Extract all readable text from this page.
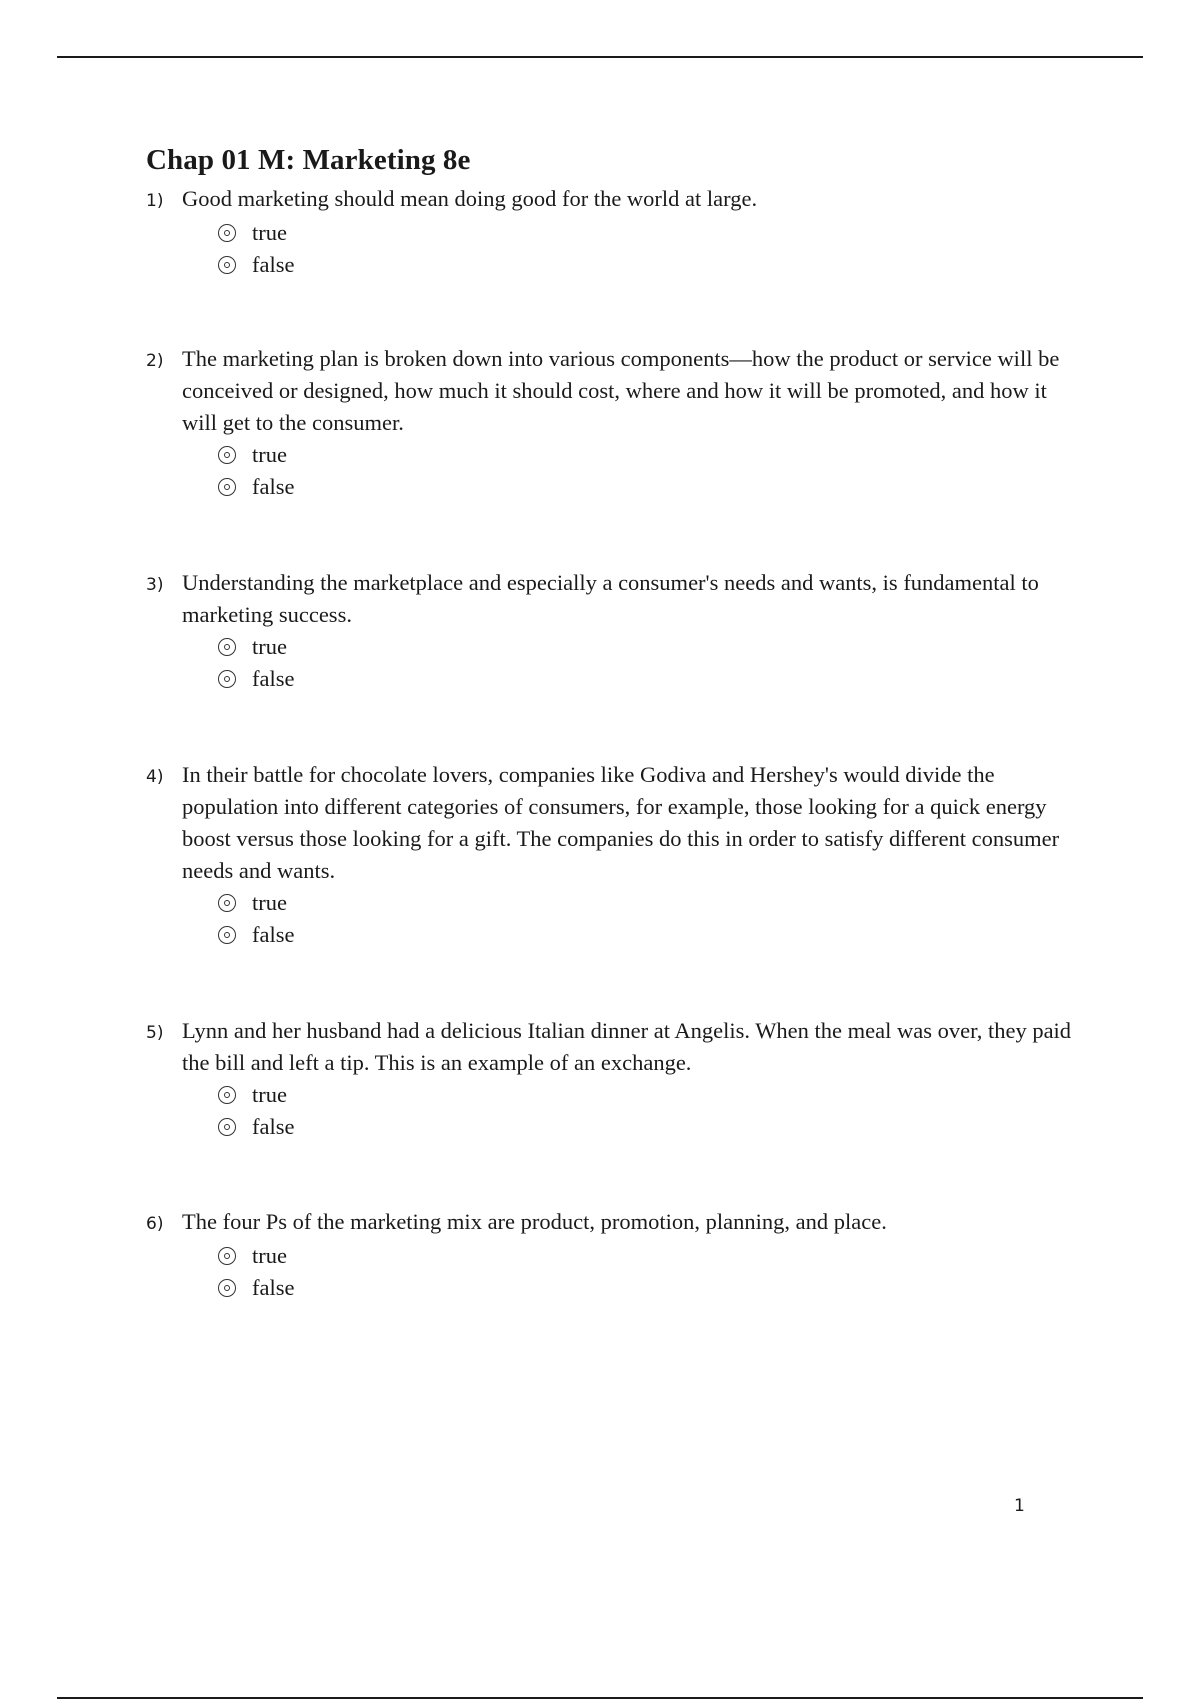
Chap 01 M: Marketing 8e
1) Good marketing should mean doing good for the world at large.
true
false
2) The marketing plan is broken down into various components—how the product or service will be conceived or designed, how much it should cost, where and how it will be promoted, and how it will get to the consumer.
true
false
3) Understanding the marketplace and especially a consumer's needs and wants, is fundamental to marketing success.
true
false
4) In their battle for chocolate lovers, companies like Godiva and Hershey's would divide the population into different categories of consumers, for example, those looking for a quick energy boost versus those looking for a gift. The companies do this in order to satisfy different consumer needs and wants.
true
false
5) Lynn and her husband had a delicious Italian dinner at Angelis. When the meal was over, they paid the bill and left a tip. This is an example of an exchange.
true
false
6) The four Ps of the marketing mix are product, promotion, planning, and place.
true
false
1
